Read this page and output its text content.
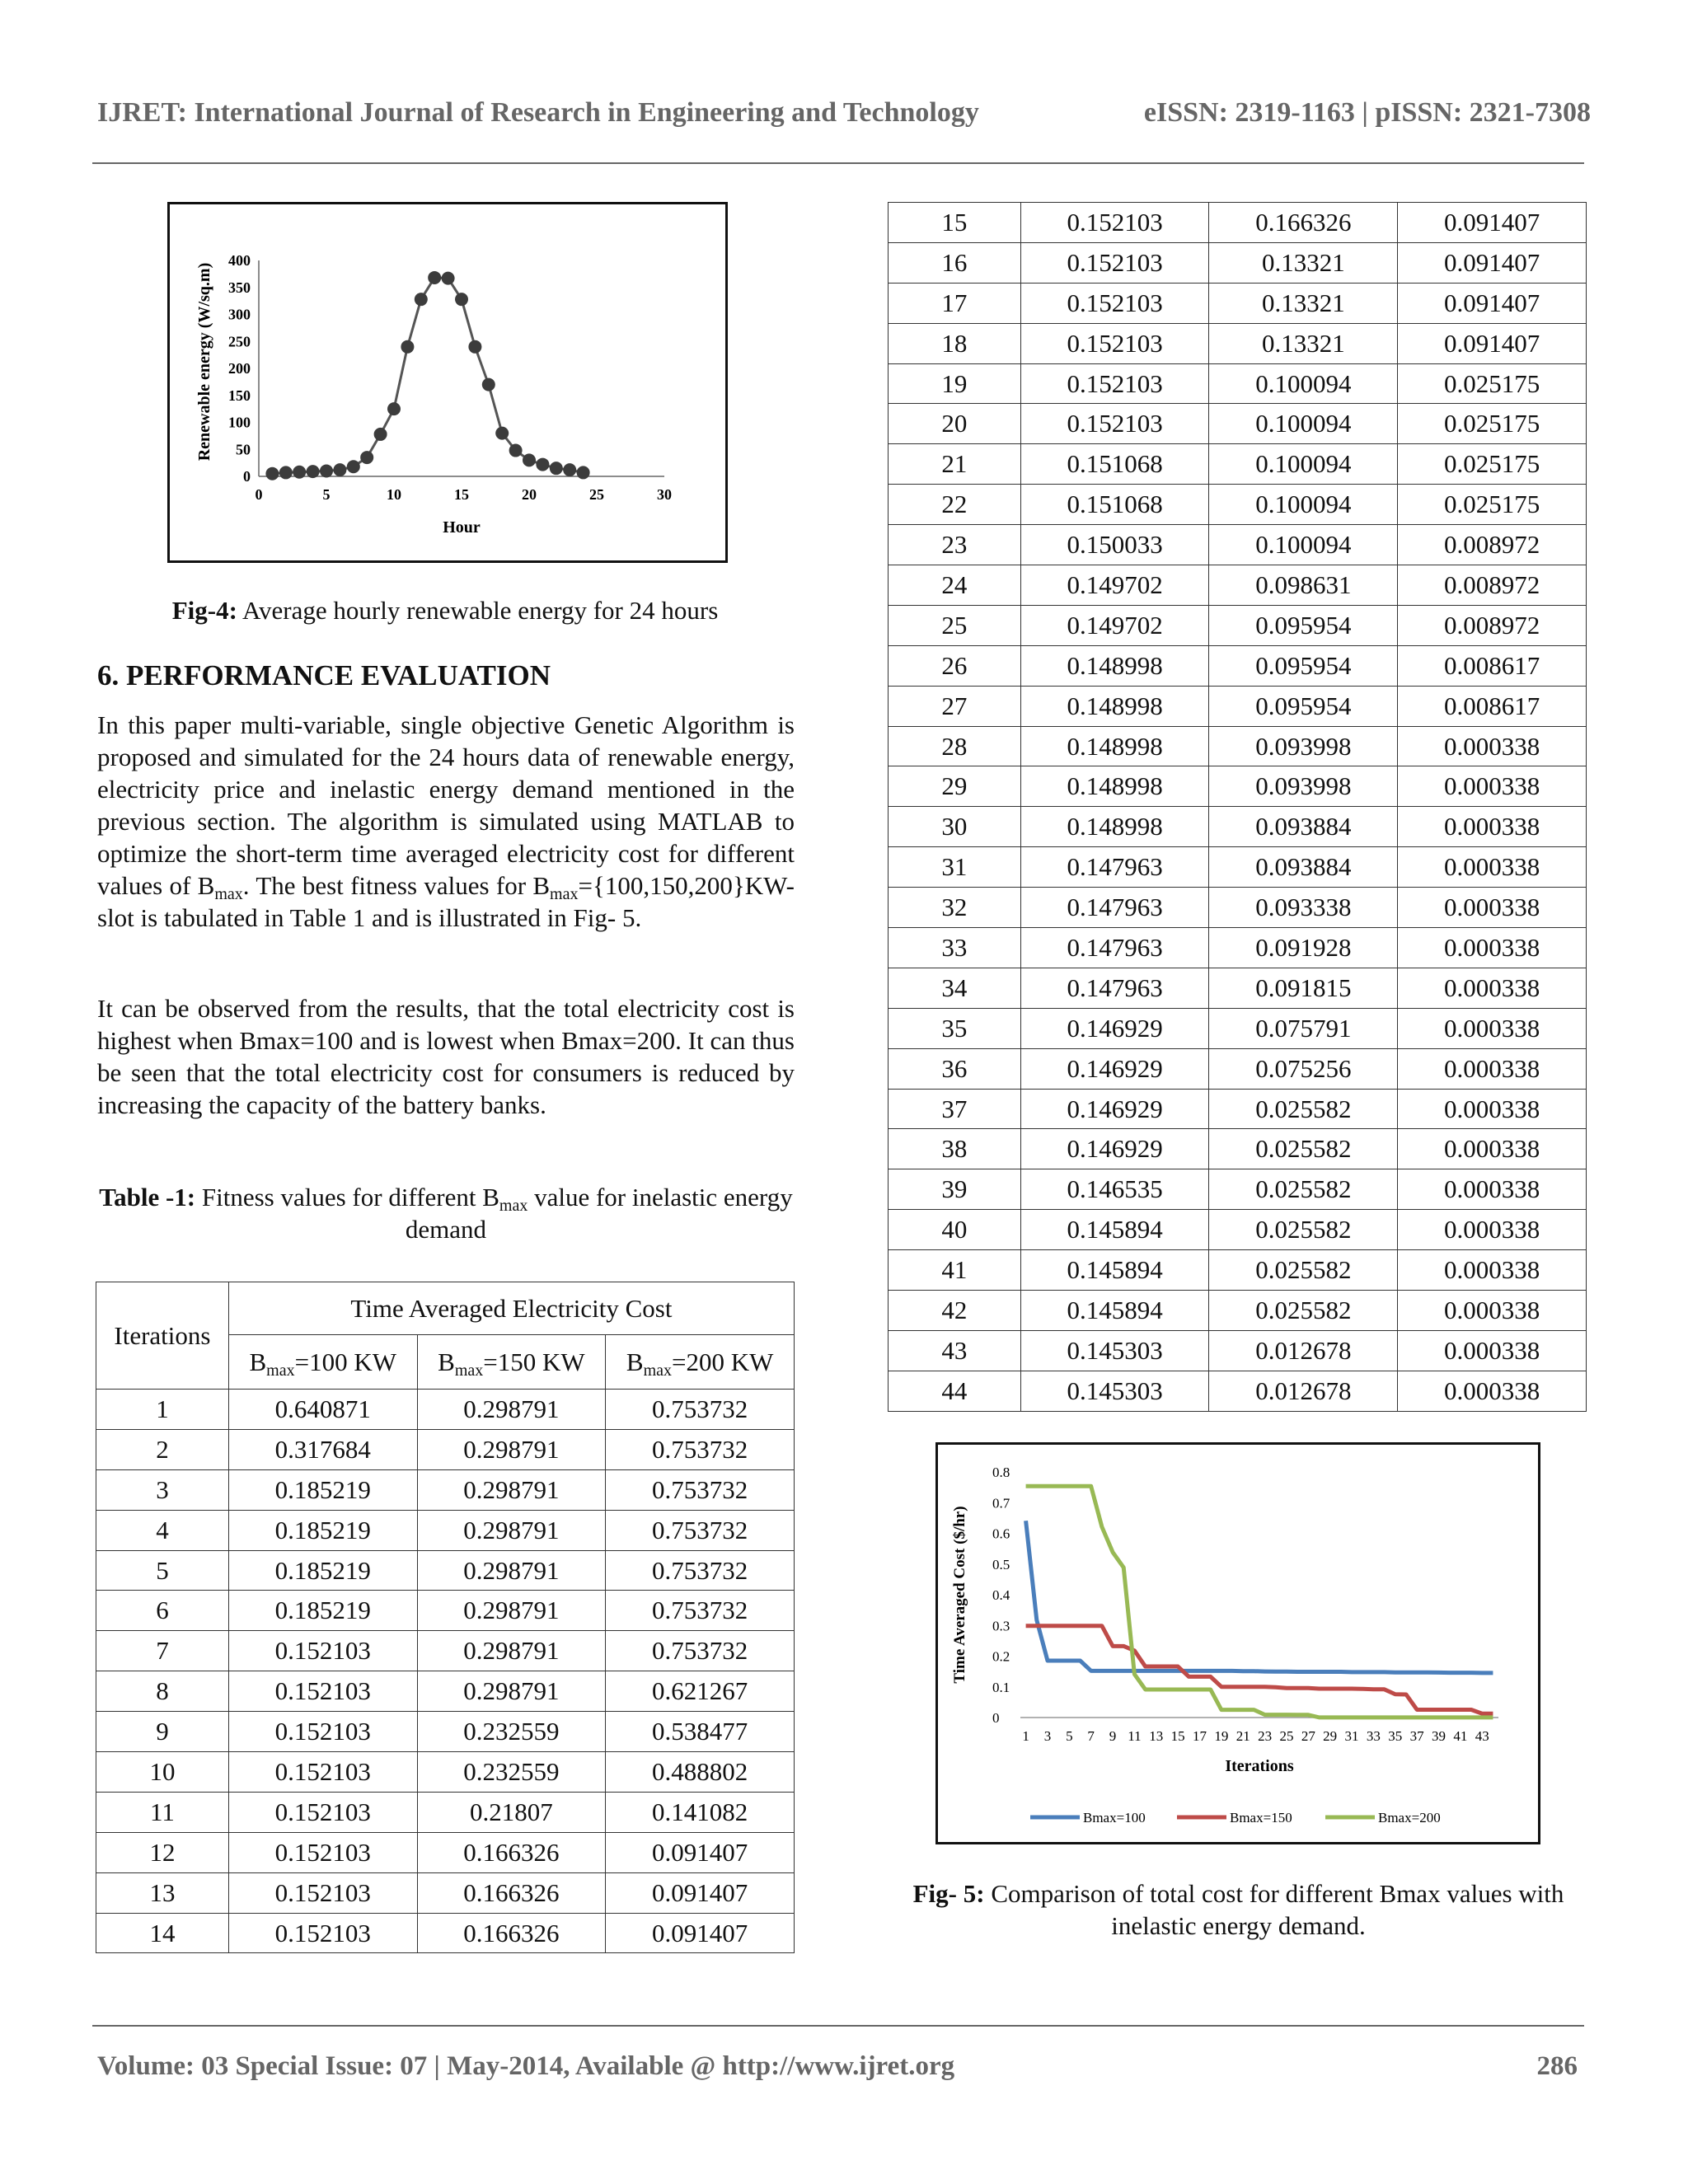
IJRET: International Journal of Research in Engineering and Technology	eISSN: 2319-1163 | pISSN: 2321-7308
0
50
100
150
200
250
300
350
400
0	5	10	15	20	25	30
Hour
Renewable energy (W/sq.m)
Fig-4: Average hourly renewable energy for 24 hours
6. PERFORMANCE EVALUATION
In this paper multi-variable, single objective Genetic Algorithm is proposed and simulated for the 24 hours data of renewable energy, electricity price and inelastic energy demand mentioned in the previous section. The algorithm is simulated using MATLAB to optimize the short-term time averaged electricity cost for different values of $B_{max}$. The best fitness values for $B_{max}=\{100,150,200\}KW$-slot is tabulated in Table 1 and is illustrated in Fig- 5.
It can be observed from the results, that the total electricity cost is highest when Bmax=100 and is lowest when Bmax=200. It can thus be seen that the total electricity cost for consumers is reduced by increasing the capacity of the battery banks.
Table -1: Fitness values for different $B_{max}$ value for inelastic energy demand
Iterations	Time Averaged Electricity Cost		
	$B_{max}=100$ KW	$B_{max}=150$ KW	$B_{max}=200$ KW
1	0.640871	0.298791	0.753732
2	0.317684	0.298791	0.753732
3	0.185219	0.298791	0.753732
4	0.185219	0.298791	0.753732
5	0.185219	0.298791	0.753732
6	0.185219	0.298791	0.753732
7	0.152103	0.298791	0.753732
8	0.152103	0.298791	0.621267
9	0.152103	0.232559	0.538477
10	0.152103	0.232559	0.488802
11	0.152103	0.21807	0.141082
12	0.152103	0.166326	0.091407
13	0.152103	0.166326	0.091407
14	0.152103	0.166326	0.091407
15	0.152103	0.166326	0.091407
16	0.152103	0.13321	0.091407
17	0.152103	0.13321	0.091407
18	0.152103	0.13321	0.091407
19	0.152103	0.100094	0.025175
20	0.152103	0.100094	0.025175
21	0.151068	0.100094	0.025175
22	0.151068	0.100094	0.025175
23	0.150033	0.100094	0.008972
24	0.149702	0.098631	0.008972
25	0.149702	0.095954	0.008972
26	0.148998	0.095954	0.008617
27	0.148998	0.095954	0.008617
28	0.148998	0.093998	0.000338
29	0.148998	0.093998	0.000338
30	0.148998	0.093884	0.000338
31	0.147963	0.093884	0.000338
32	0.147963	0.093338	0.000338
33	0.147963	0.091928	0.000338
34	0.147963	0.091815	0.000338
35	0.146929	0.075791	0.000338
36	0.146929	0.075256	0.000338
37	0.146929	0.025582	0.000338
38	0.146929	0.025582	0.000338
39	0.146535	0.025582	0.000338
40	0.145894	0.025582	0.000338
41	0.145894	0.025582	0.000338
42	0.145894	0.025582	0.000338
43	0.145303	0.012678	0.000338
44	0.145303	0.012678	0.000338
0
0.1
0.2
0.3
0.4
0.5
0.6
0.7
0.8
1 3 5 7 9 11 13 15 17 19 21 23 25 27 29 31 33 35 37 39 41 43
Iterations
Time Averaged Cost ($/hr)
Bmax=100	Bmax=150	Bmax=200
Fig- 5: Comparison of total cost for different Bmax values with inelastic energy demand.
Volume: 03 Special Issue: 07 | May-2014, Available @ http://www.ijret.org	286
